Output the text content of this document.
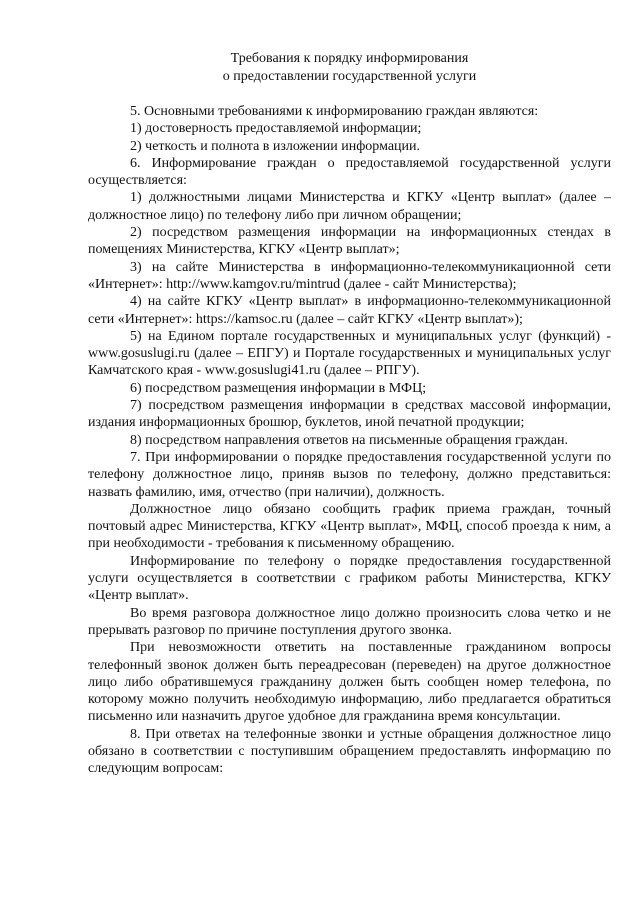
Требования к порядку информирования

о предоставлении государственной услуги

5. Основными требованиями к информированию граждан являются:

1) достоверность предоставляемой информации;

2) четкость и полнота в изложении информации.

6. Информирование граждан о предоставляемой государственной услуги осуществляется:

1) должностными лицами Министерства и КГКУ «Центр выплат» (далее – должностное лицо) по телефону либо при личном обращении;

2) посредством размещения информации на информационных стендах в помещениях Министерства, КГКУ «Центр выплат»;

3) на сайте Министерства в информационно-телекоммуникационной сети «Интернет»: http://www.kamgov.ru/mintrud (далее - сайт Министерства);

4) на сайте КГКУ «Центр выплат» в информационно-телекоммуникационной сети «Интернет»: https://kamsoc.ru (далее – сайт КГКУ «Центр выплат»);

5) на Едином портале государственных и муниципальных услуг (функций) - www.gosuslugi.ru (далее – ЕПГУ) и Портале государственных и муниципальных услуг Камчатского края - www.gosuslugi41.ru (далее – РПГУ).

6) посредством размещения информации в МФЦ;

7) посредством размещения информации в средствах массовой информации, издания информационных брошюр, буклетов, иной печатной продукции;

8) посредством направления ответов на письменные обращения граждан.

7. При информировании о порядке предоставления государственной услуги по телефону должностное лицо, приняв вызов по телефону, должно представиться: назвать фамилию, имя, отчество (при наличии), должность.

Должностное лицо обязано сообщить график приема граждан, точный почтовый адрес Министерства, КГКУ «Центр выплат», МФЦ, способ проезда к ним, а при необходимости - требования к письменному обращению.

Информирование по телефону о порядке предоставления государственной услуги осуществляется в соответствии с графиком работы Министерства, КГКУ «Центр выплат».

Во время разговора должностное лицо должно произносить слова четко и не прерывать разговор по причине поступления другого звонка.

При невозможности ответить на поставленные гражданином вопросы телефонный звонок должен быть переадресован (переведен) на другое должностное лицо либо обратившемуся гражданину должен быть сообщен номер телефона, по которому можно получить необходимую информацию, либо предлагается обратиться письменно или назначить другое удобное для гражданина время консультации.

8. При ответах на телефонные звонки и устные обращения должностное лицо обязано в соответствии с поступившим обращением предоставлять информацию по следующим вопросам:
